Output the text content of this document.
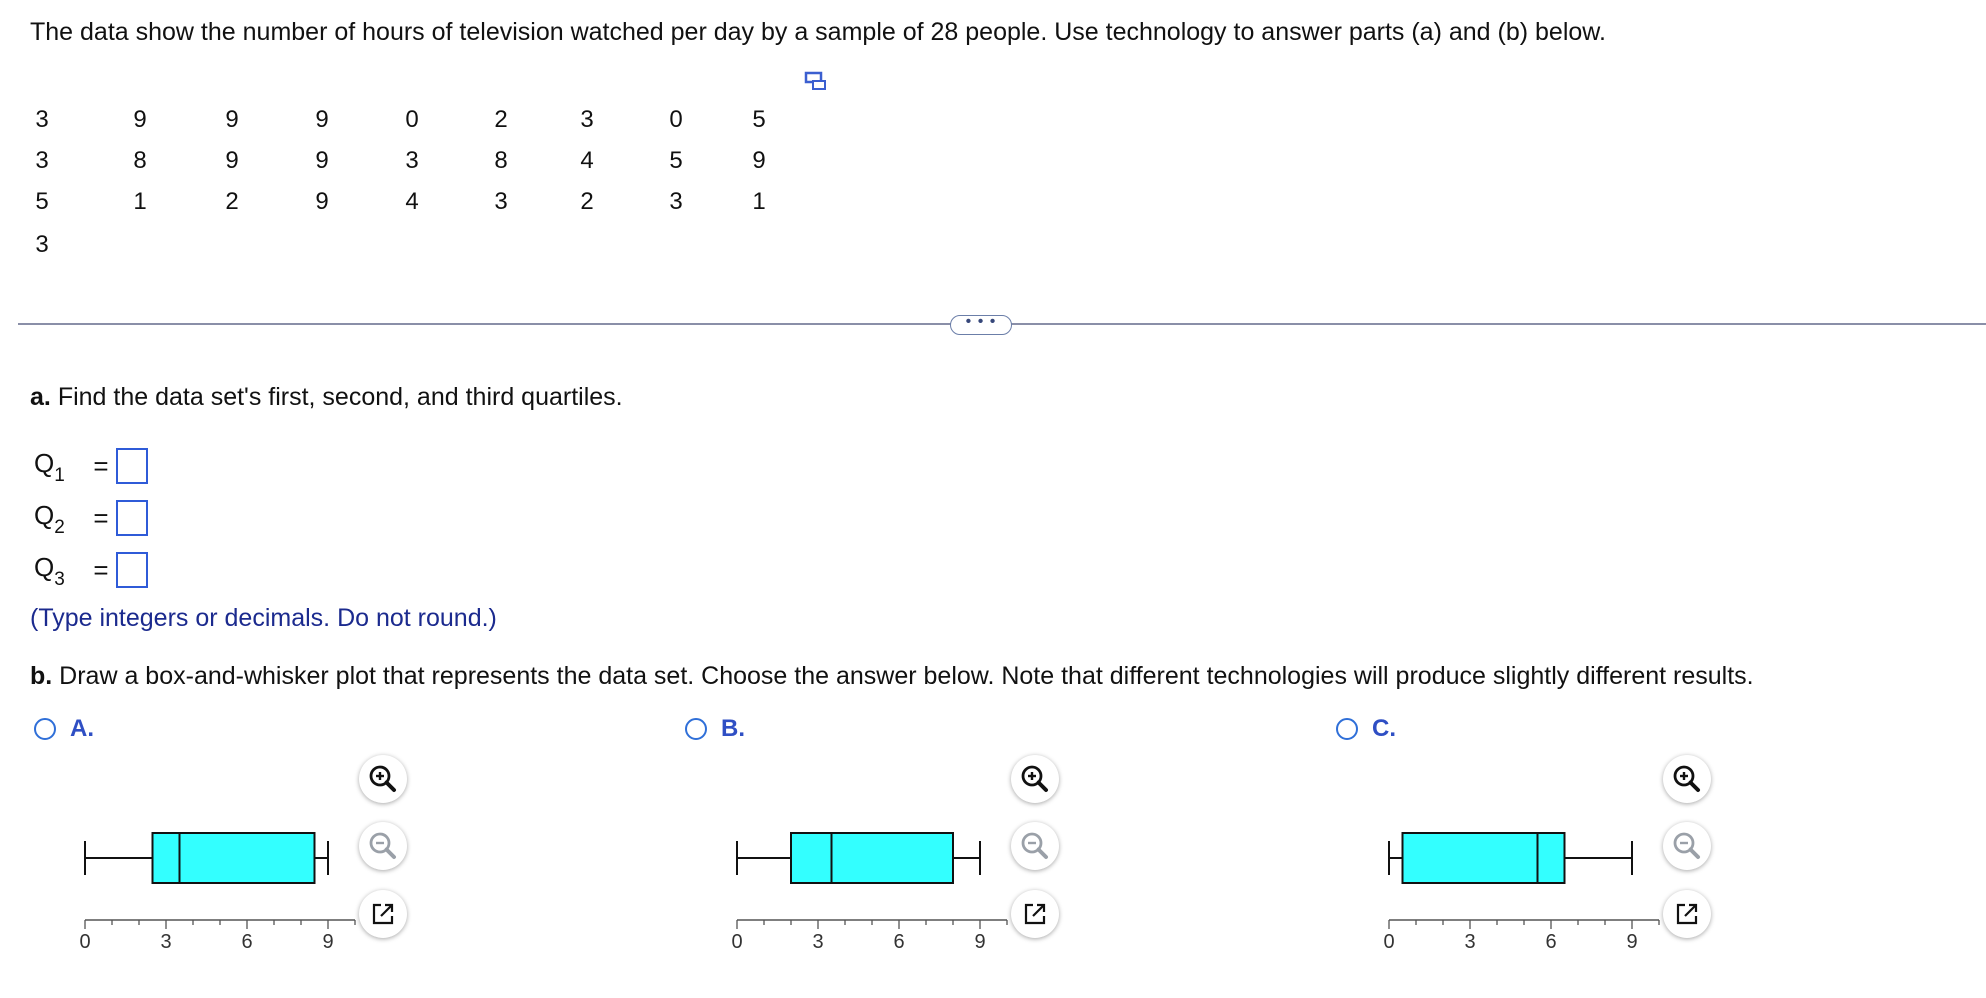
The data show the number of hours of television watched per day by a sample of 28 people. Use technology to answer parts (a) and (b) below.
3	9	9	9	0	2	3	0	5
3	8	9	9	3	8	4	5	9
5	1	2	9	4	3	2	3	1
3
• • •
a. Find the data set's first, second, and third quartiles.
$Q_1$	=
$Q_2$	=
$Q_3$	=
(Type integers or decimals. Do not round.)
b. Draw a box-and-whisker plot that represents the data set. Choose the answer below. Note that different technologies will produce slightly different results.
A.	B.	C.
0	3	6	9	0	3	6	9	0	3	6	9
